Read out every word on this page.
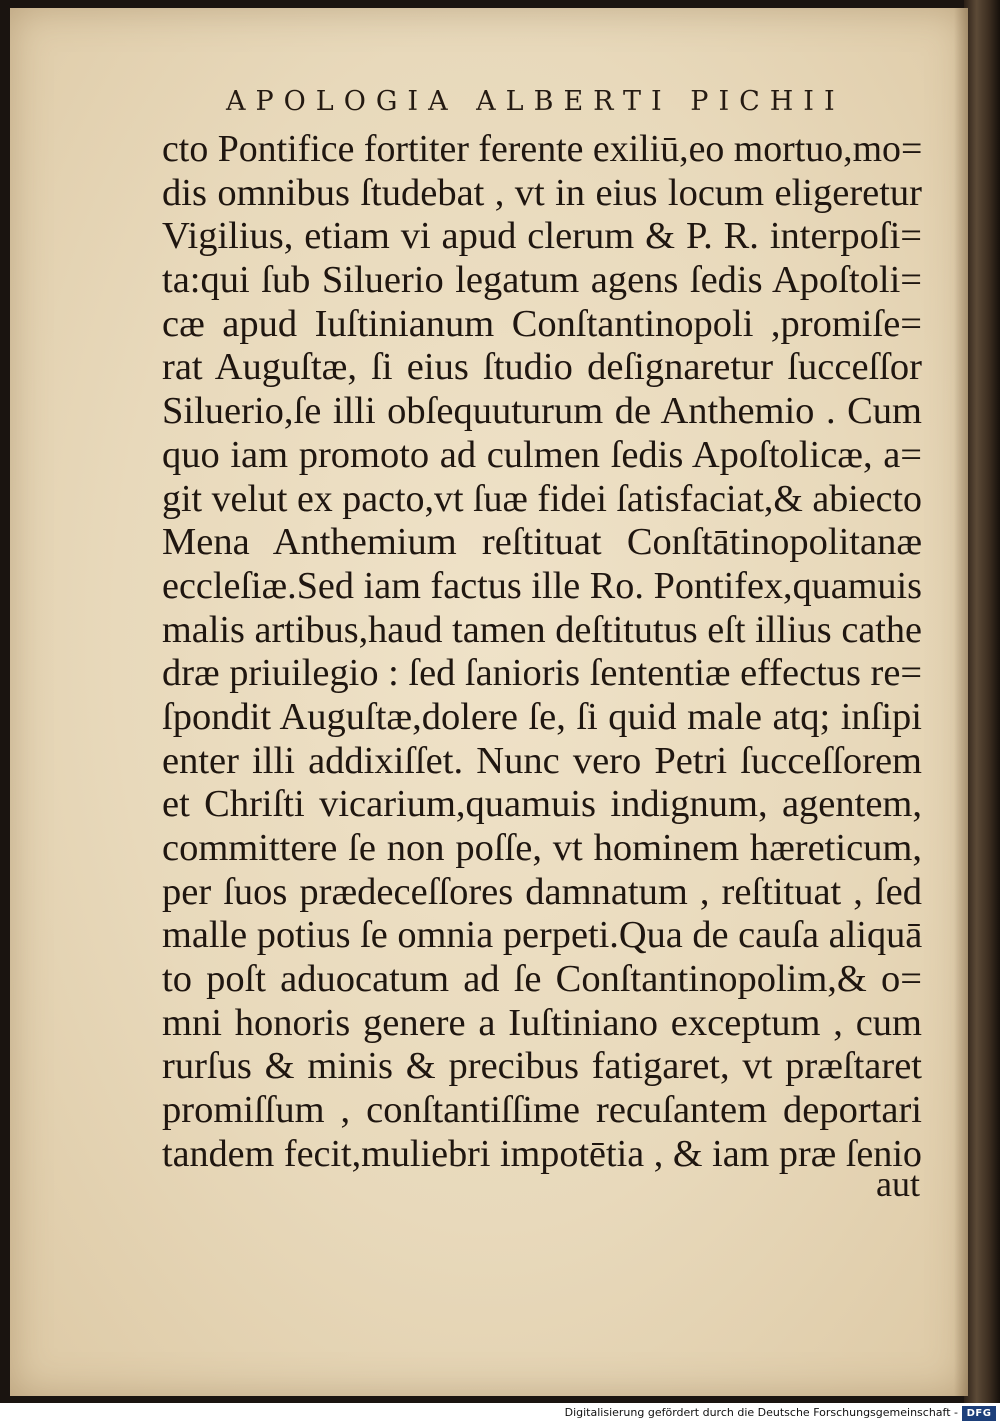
APOLOGIA ALBERTI PICHII
cto Pontifice fortiter ferente exiliū,eo mortuo,mo=
dis omnibus ſtudebat , vt in eius locum eligeretur
Vigilius, etiam vi apud clerum & P. R. interpoſi=
ta:qui ſub Siluerio legatum agens ſedis Apoſtoli=
cæ apud Iuſtinianum Conſtantinopoli ,promiſe=
rat Auguſtæ, ſi eius ſtudio deſignaretur ſucceſſor
Siluerio,ſe illi obſequuturum de Anthemio . Cum
quo iam promoto ad culmen ſedis Apoſtolicæ, a=
git velut ex pacto,vt ſuæ fidei ſatisfaciat,& abiecto
Mena Anthemium reſtituat Conſtātinopolitanæ
eccleſiæ.Sed iam factus ille Ro. Pontifex,quamuis
malis artibus,haud tamen deſtitutus eſt illius cathe
dræ priuilegio : ſed ſanioris ſententiæ effectus re=
ſpondit Auguſtæ,dolere ſe, ſi quid male atq; inſipi
enter illi addixiſſet. Nunc vero Petri ſucceſſorem
et Chriſti vicarium,quamuis indignum, agentem,
committere ſe non poſſe, vt hominem hæreticum,
per ſuos prædeceſſores damnatum , reſtituat , ſed
malle potius ſe omnia perpeti.Qua de cauſa aliquā
to poſt aduocatum ad ſe Conſtantinopolim,& o=
mni honoris genere a Iuſtiniano exceptum , cum
rurſus & minis & precibus fatigaret, vt præſtaret
promiſſum , conſtantiſſime recuſantem deportari
tandem fecit,muliebri impotētia , & iam præ ſenio
aut
Digitalisierung gefördert durch die Deutsche Forschungsgemeinschaft - DFG
